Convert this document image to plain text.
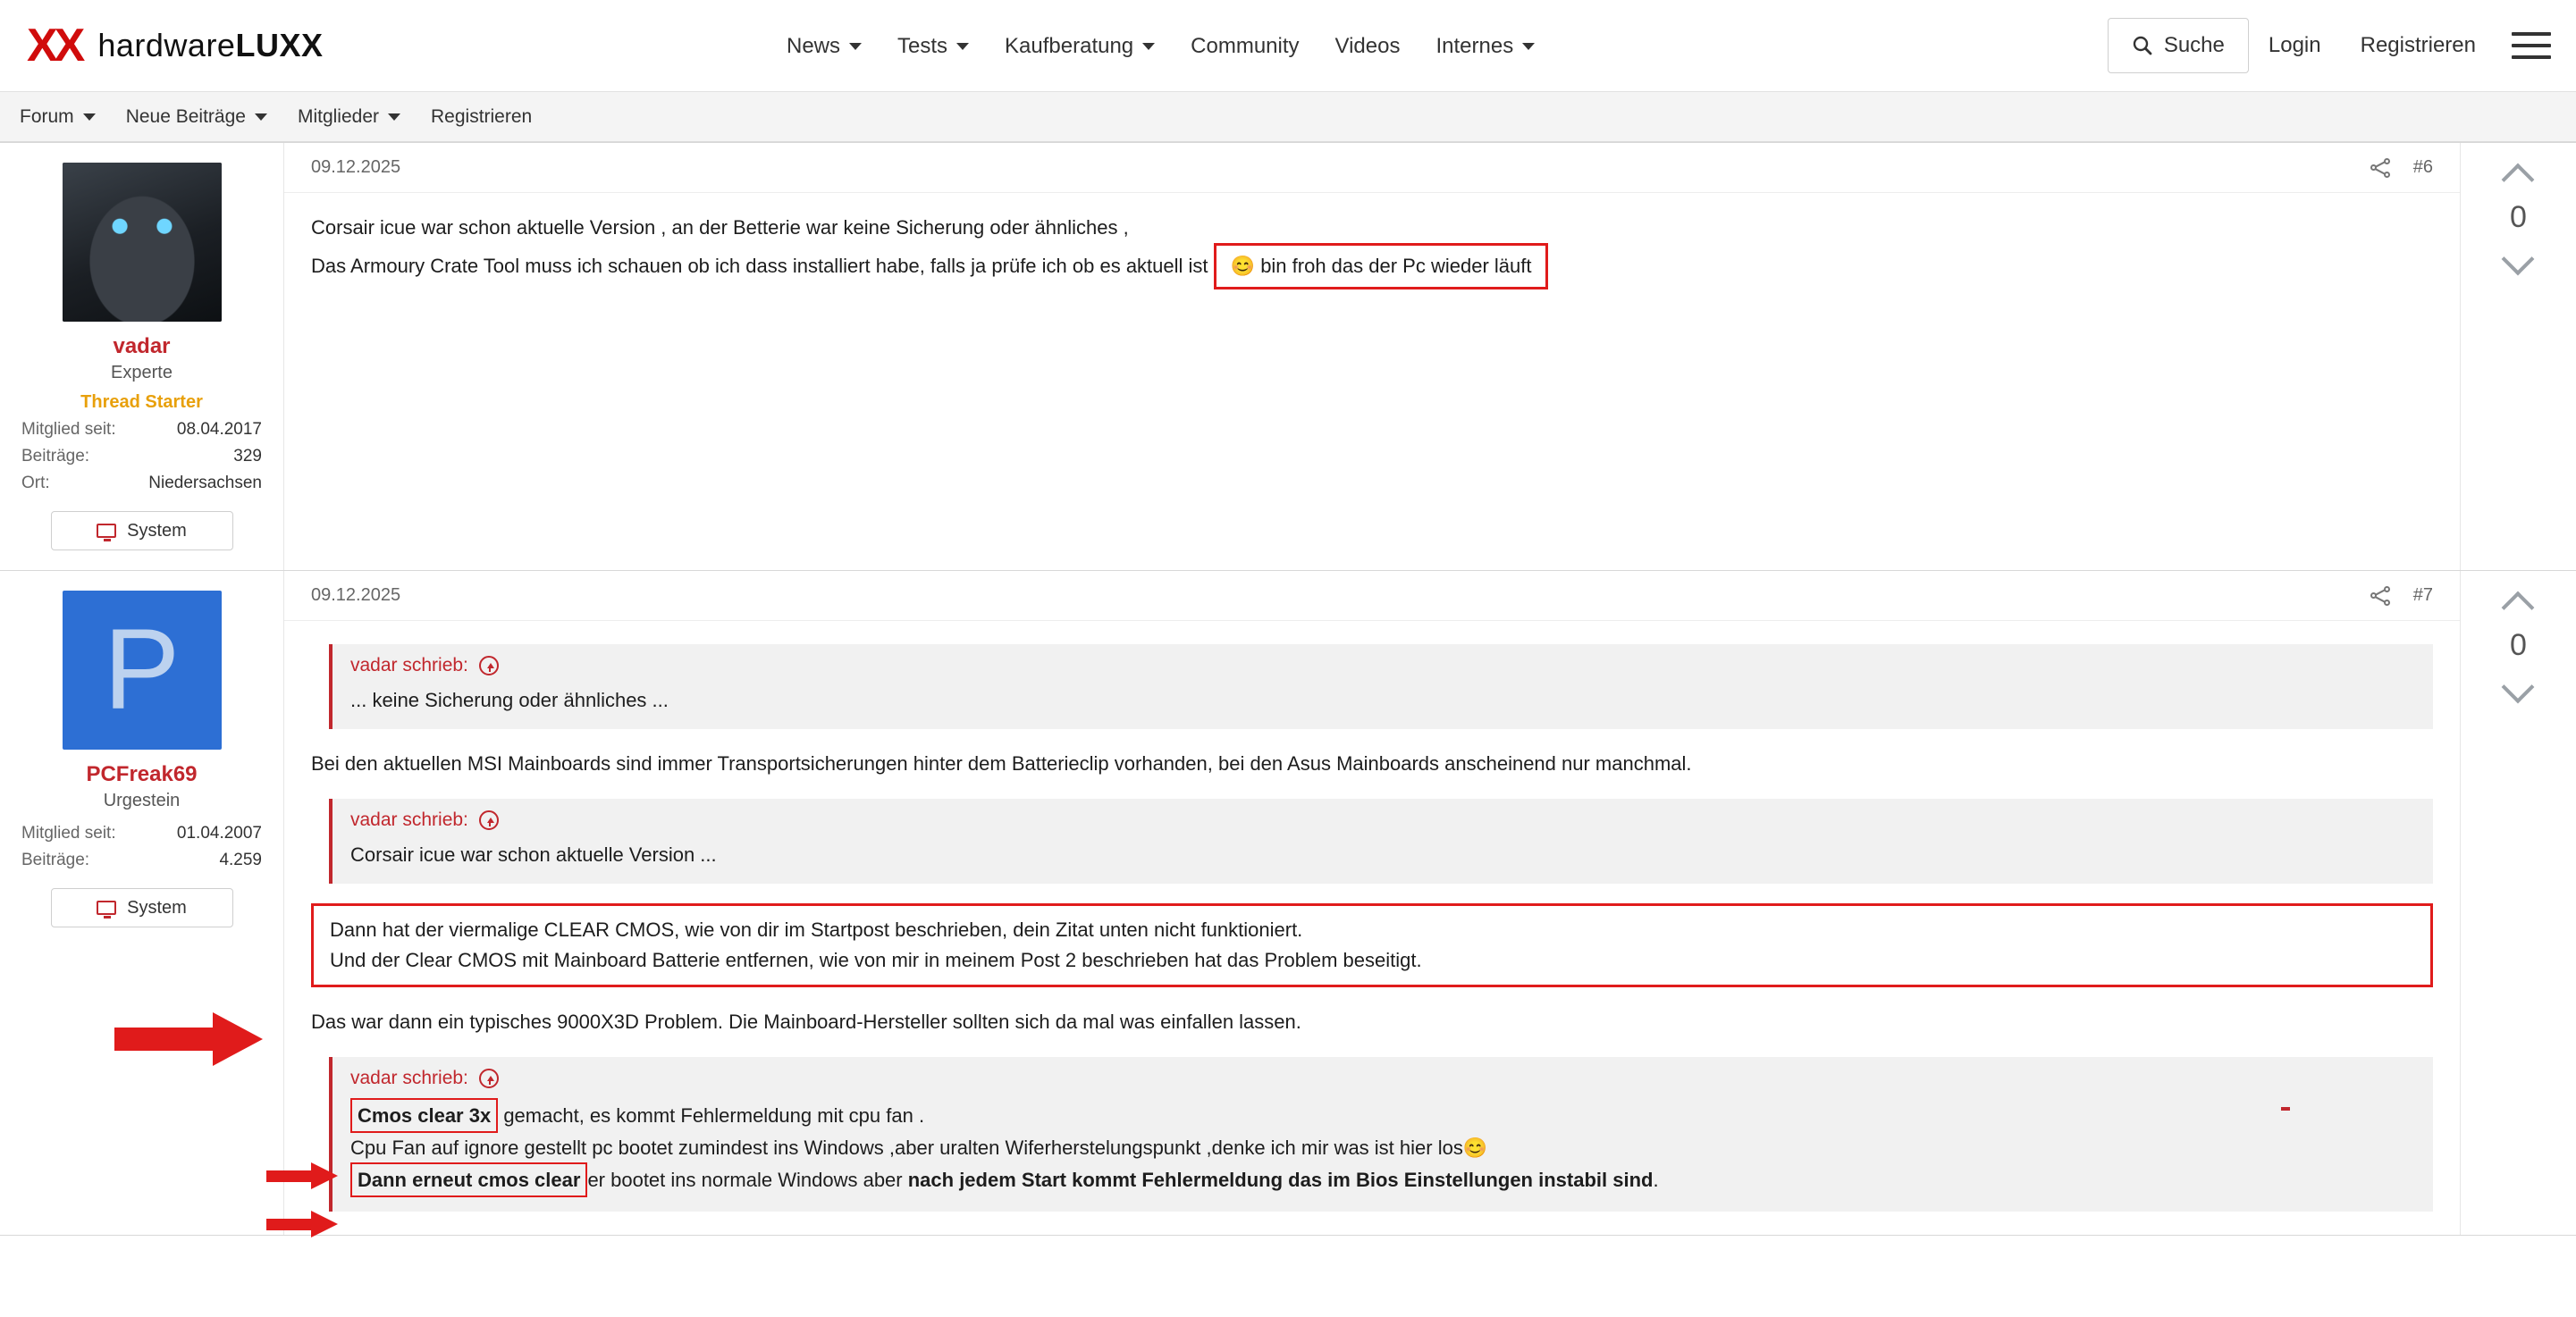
XX hardwareLUXX	News	Tests	Kaufberatung	Community Videos Internes	Suche	Login	Registrieren
Forum	Neue Beiträge	Mitglieder	Registrieren
vadar
Experte
Thread Starter
Mitglied seit:	08.04.2017
Beiträge:	329
Ort:	Niedersachsen
System
09.12.2025	#6
Corsair icue war schon aktuelle Version , an der Betterie war keine Sicherung oder ähnliches ,
Das Armoury Crate Tool muss ich schauen ob ich dass installiert habe, falls ja prüfe ich ob es aktuell ist 😊 bin froh das der Pc wieder läuft
0
P
PCFreak69
Urgestein
Mitglied seit:	01.04.2007
Beiträge:	4.259
System
09.12.2025	#7
vadar schrieb:
... keine Sicherung oder ähnliches ...
Bei den aktuellen MSI Mainboards sind immer Transportsicherungen hinter dem Batterieclip vorhanden, bei den Asus Mainboards anscheinend nur manchmal.
vadar schrieb:
Corsair icue war schon aktuelle Version ...
Dann hat der viermalige CLEAR CMOS, wie von dir im Startpost beschrieben, dein Zitat unten nicht funktioniert.
Und der Clear CMOS mit Mainboard Batterie entfernen, wie von mir in meinem Post 2 beschrieben hat das Problem beseitigt.
Das war dann ein typisches 9000X3D Problem. Die Mainboard-Hersteller sollten sich da mal was einfallen lassen.
vadar schrieb:
Cmos clear 3x gemacht, es kommt Fehlermeldung mit cpu fan .
Cpu Fan auf ignore gestellt pc bootet zumindest ins Windows ,aber uralten Wiferherstelungspunkt ,denke ich mir was ist hier los😊
Dann erneut cmos clear er bootet ins normale Windows aber nach jedem Start kommt Fehlermeldung das im Bios Einstellungen instabil sind.
0
